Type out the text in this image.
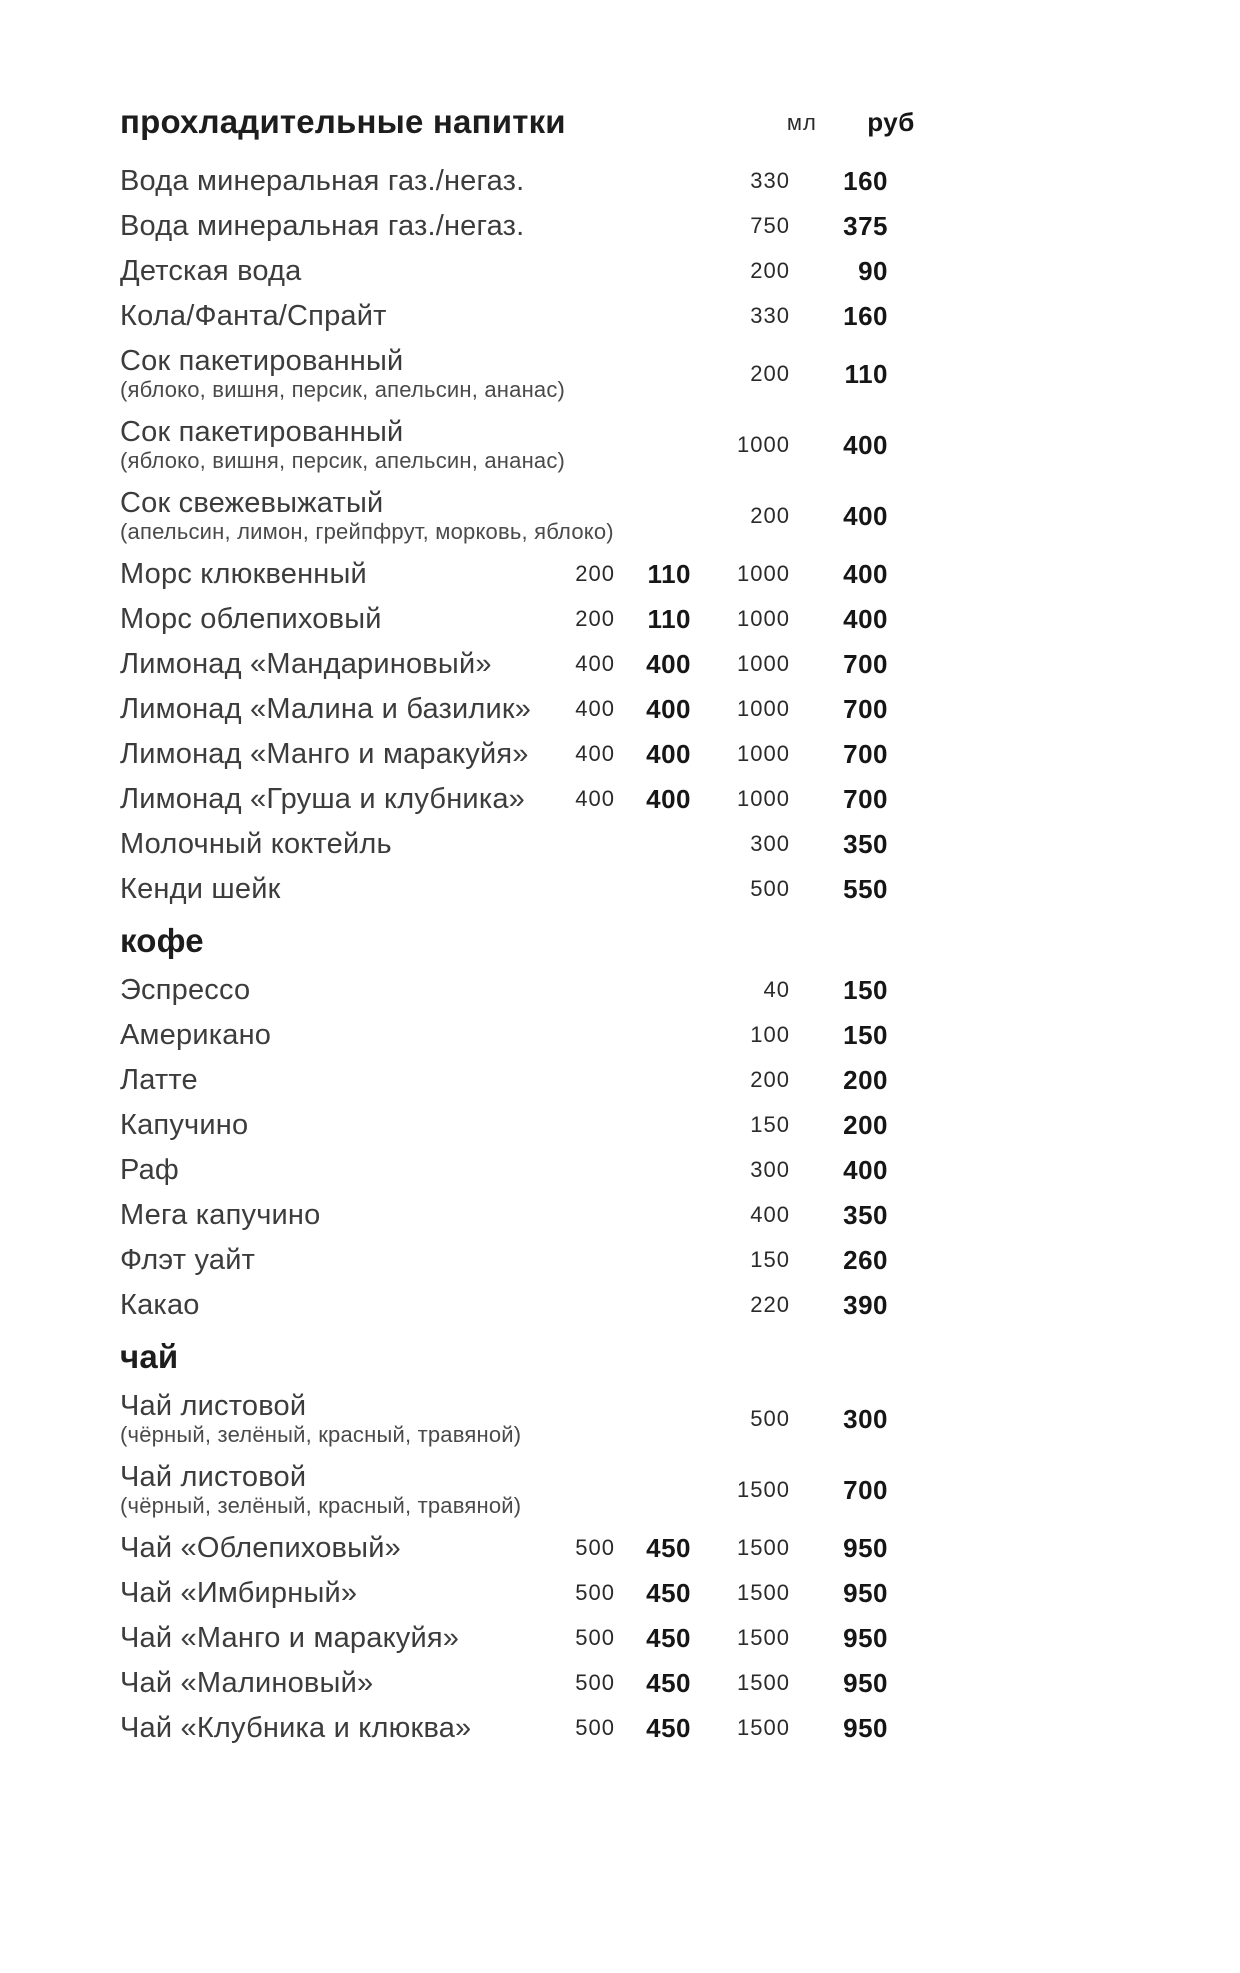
прохладительные напитки	мл	руб
Вода минеральная газ./негаз.	330	160
Вода минеральная газ./негаз.	750	375
Детская вода	200	90
Кола/Фанта/Спрайт	330	160
Сок пакетированный
(яблоко, вишня, персик, апельсин, ананас)
200	110
Сок пакетированный
(яблоко, вишня, персик, апельсин, ананас)
1000	400
Сок свежевыжатый
(апельсин, лимон, грейпфрут, морковь, яблоко)
200	400
Морс клюквенный	200	110	1000	400
Морс облепиховый	200	110	1000	400
Лимонад «Мандариновый»	400	400	1000	700
Лимонад «Малина и базилик»	400	400	1000	700
Лимонад «Манго и маракуйя»	400	400	1000	700
Лимонад «Груша и клубника»	400	400	1000	700
Молочный коктейль	300	350
Кенди шейк	500	550
кофе
Эспрессо	40	150
Американо	100	150
Латте	200	200
Капучино	150	200
Раф	300	400
Мега капучино	400	350
Флэт уайт	150	260
Какао	220	390
чай
Чай листовой
(чёрный, зелёный, красный, травяной)
500	300
Чай листовой
(чёрный, зелёный, красный, травяной)
1500	700
Чай «Облепиховый»	500	450	1500	950
Чай «Имбирный»	500	450	1500	950
Чай «Манго и маракуйя»	500	450	1500	950
Чай «Малиновый»	500	450	1500	950
Чай «Клубника и клюква»	500	450	1500	950
